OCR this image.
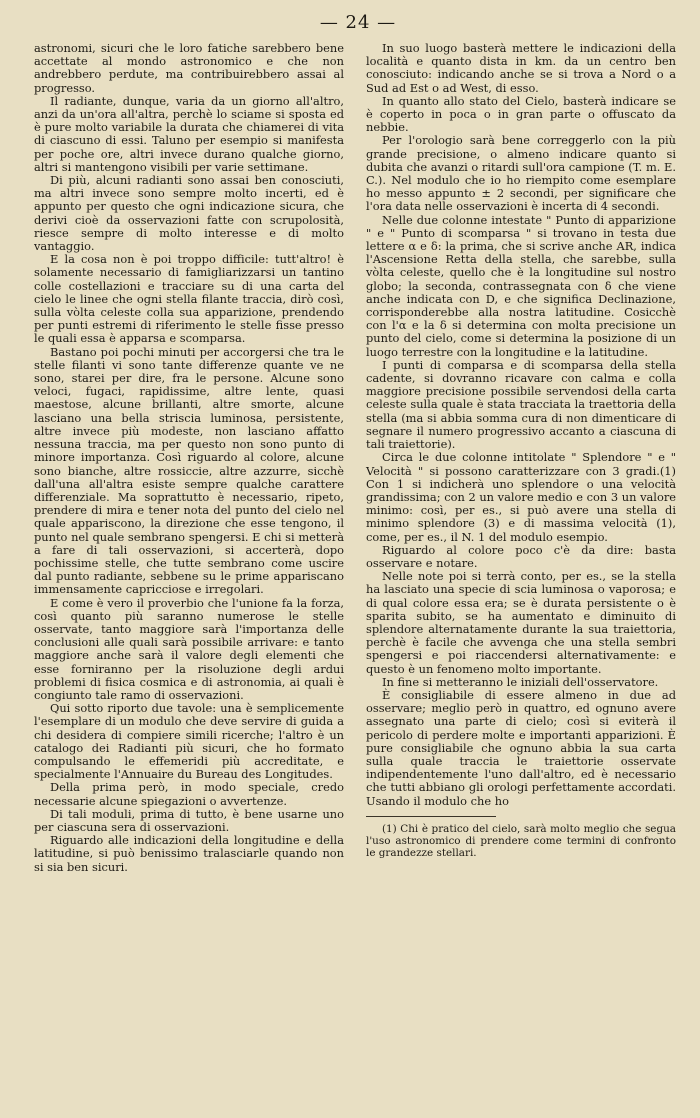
— 24 —

astronomi, sicuri che le loro fatiche sarebbero bene accettate al mondo astronomico e che non andrebbero perdute, ma contribuirebbero assai al progresso.

Il radiante, dunque, varia da un giorno all'altro, anzi da un'ora all'altra, perchè lo sciame si sposta ed è pure molto variabile la durata che chiamerei di vita di ciascuno di essi. Taluno per esempio si manifesta per poche ore, altri invece durano qualche giorno, altri si mantengono visibili per varie settimane.

Di più, alcuni radianti sono assai ben conosciuti, ma altri invece sono sempre molto incerti, ed è appunto per questo che ogni indicazione sicura, che derivi cioè da osservazioni fatte con scrupolosità, riesce sempre di molto interesse e di molto vantaggio.

E la cosa non è poi troppo difficile: tutt'altro! è solamente necessario di famigliarizzarsi un tantino colle costellazioni e tracciare su di una carta del cielo le linee che ogni stella filante traccia, dirò così, sulla vòlta celeste colla sua apparizione, prendendo per punti estremi di riferimento le stelle fisse presso le quali essa è apparsa e scomparsa.

Bastano poi pochi minuti per accorgersi che tra le stelle filanti vi sono tante differenze quante ve ne sono, starei per dire, fra le persone. Alcune sono veloci, fugaci, rapidissime, altre lente, quasi maestose, alcune brillanti, altre smorte, alcune lasciano una bella striscia luminosa, persistente, altre invece più modeste, non lasciano affatto nessuna traccia, ma per questo non sono punto di minore importanza. Così riguardo al colore, alcune sono bianche, altre rossiccie, altre azzurre, sicchè dall'una all'altra esiste sempre qualche carattere differenziale. Ma soprattutto è necessario, ripeto, prendere di mira e tener nota del punto del cielo nel quale appariscono, la direzione che esse tengono, il punto nel quale sembrano spengersi. E chi si metterà a fare di tali osservazioni, si accerterà, dopo pochissime stelle, che tutte sembrano come uscire dal punto radiante, sebbene su le prime appariscano immensamente capricciose e irregolari.

E come è vero il proverbio che l'unione fa la forza, così quanto più saranno numerose le stelle osservate, tanto maggiore sarà l'importanza delle conclusioni alle quali sarà possibile arrivare: e tanto maggiore anche sarà il valore degli elementi che esse forniranno per la risoluzione degli ardui problemi di fisica cosmica e di astronomia, ai quali è congiunto tale ramo di osservazioni.

Qui sotto riporto due tavole: una è semplicemente l'esemplare di un modulo che deve servire di guida a chi desidera di compiere simili ricerche; l'altro è un catalogo dei Radianti più sicuri, che ho formato compulsando le effemeridi più accreditate, e specialmente l'Annuaire du Bureau des Longitudes.

Della prima però, in modo speciale, credo necessarie alcune spiegazioni o avvertenze.

Di tali moduli, prima di tutto, è bene usarne uno per ciascuna sera di osservazioni.

Riguardo alle indicazioni della longitudine e della latitudine, si può benissimo tralasciarle quando non si sia ben sicuri.

In suo luogo basterà mettere le indicazioni della località e quanto dista in km. da un centro ben conosciuto: indicando anche se si trova a Nord o a Sud ad Est o ad West, di esso.

In quanto allo stato del Cielo, basterà indicare se è coperto in poca o in gran parte o offuscato da nebbie.

Per l'orologio sarà bene correggerlo con la più grande precisione, o almeno indicare quanto si dubita che avanzi o ritardi sull'ora campione (T. m. E. C.). Nel modulo che io ho riempito come esemplare ho messo appunto ± 2 secondi, per significare che l'ora data nelle osservazioni è incerta di 4 secondi.

Nelle due colonne intestate " Punto di apparizione " e " Punto di scomparsa " si trovano in testa due lettere α e δ: la prima, che si scrive anche AR, indica l'Ascensione Retta della stella, che sarebbe, sulla vòlta celeste, quello che è la longitudine sul nostro globo; la seconda, contrassegnata con δ che viene anche indicata con D, e che significa Declinazione, corrisponderebbe alla nostra latitudine. Cosicchè con l'α e la δ si determina con molta precisione un punto del cielo, come si determina la posizione di un luogo terrestre con la longitudine e la latitudine.

I punti di comparsa e di scomparsa della stella cadente, si dovranno ricavare con calma e colla maggiore precisione possibile servendosi della carta celeste sulla quale è stata tracciata la traettoria della stella (ma si abbia somma cura di non dimenticare di segnare il numero progressivo accanto a ciascuna di tali traiettorie).

Circa le due colonne intitolate " Splendore " e " Velocità " si possono caratterizzare con 3 gradi.(1) Con 1 si indicherà uno splendore o una velocità grandissima; con 2 un valore medio e con 3 un valore minimo: così, per es., si può avere una stella di minimo splendore (3) e di massima velocità (1), come, per es., il N. 1 del modulo esempio.

Riguardo al colore poco c'è da dire: basta osservare e notare.

Nelle note poi si terrà conto, per es., se la stella ha lasciato una specie di scia luminosa o vaporosa; e di qual colore essa era; se è durata persistente o è sparita subito, se ha aumentato e diminuito di splendore alternatamente durante la sua traiettoria, perchè è facile che avvenga che una stella sembri spengersi e poi riaccendersi alternativamente: e questo è un fenomeno molto importante.

In fine si metteranno le iniziali dell'osservatore.

È consigliabile di essere almeno in due ad osservare; meglio però in quattro, ed ognuno avere assegnato una parte di cielo; così si eviterà il pericolo di perdere molte e importanti apparizioni. È pure consigliabile che ognuno abbia la sua carta sulla quale traccia le traiettorie osservate indipendentemente l'uno dall'altro, ed è necessario che tutti abbiano gli orologi perfettamente accordati. Usando il modulo che ho

(1) Chi è pratico del cielo, sarà molto meglio che segua l'uso astronomico di prendere come termini di confronto le grandezze stellari.
